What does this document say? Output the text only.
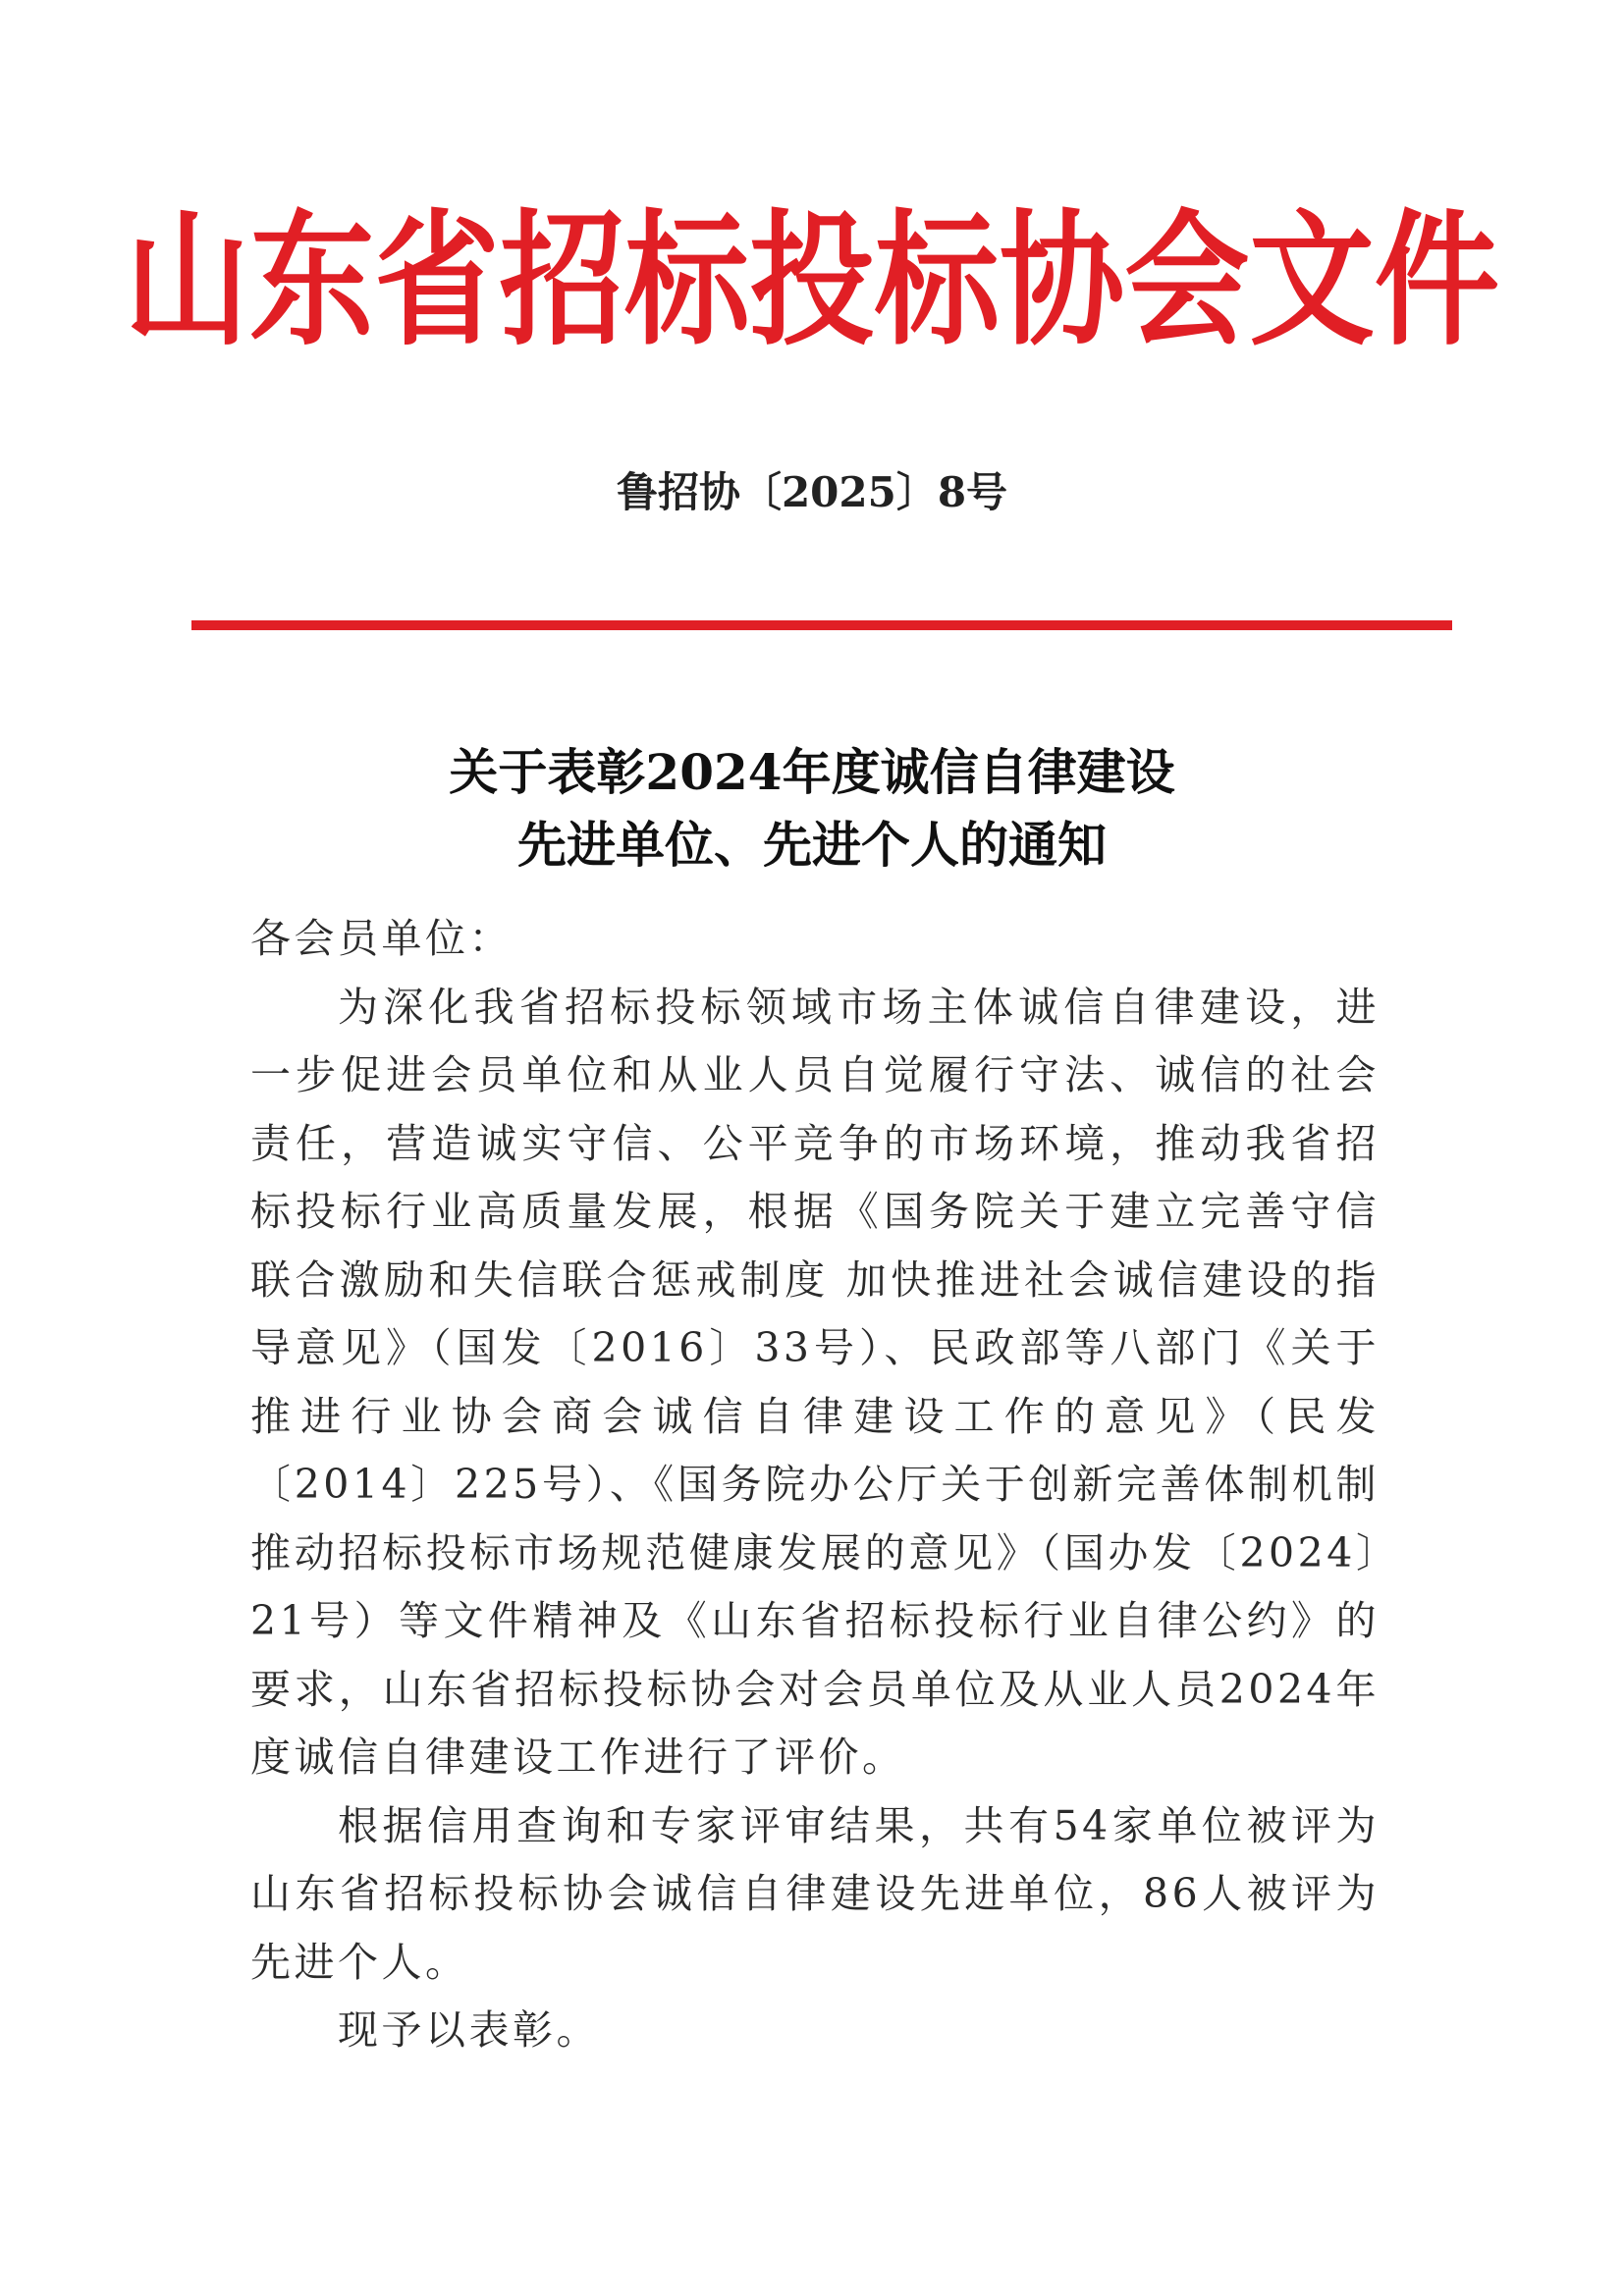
山东省招标投标协会文件
鲁招协〔2025〕8号
关于表彰2024年度诚信自律建设
先进单位、先进个人的通知

各会员单位：

为深化我省招标投标领域市场主体诚信自律建设，进一步促进会员单位和从业人员自觉履行守法、诚信的社会责任，营造诚实守信、公平竞争的市场环境，推动我省招标投标行业高质量发展，根据《国务院关于建立完善守信联合激励和失信联合惩戒制度 加快推进社会诚信建设的指导意见》（国发〔2016〕33号）、民政部等八部门《关于推进行业协会商会诚信自律建设工作的意见》（民发〔2014〕225号）、《国务院办公厅关于创新完善体制机制推动招标投标市场规范健康发展的意见》（国办发〔2024〕21号）等文件精神及《山东省招标投标行业自律公约》的要求，山东省招标投标协会对会员单位及从业人员2024年度诚信自律建设工作进行了评价。

根据信用查询和专家评审结果，共有54家单位被评为山东省招标投标协会诚信自律建设先进单位，86人被评为先进个人。

现予以表彰。
